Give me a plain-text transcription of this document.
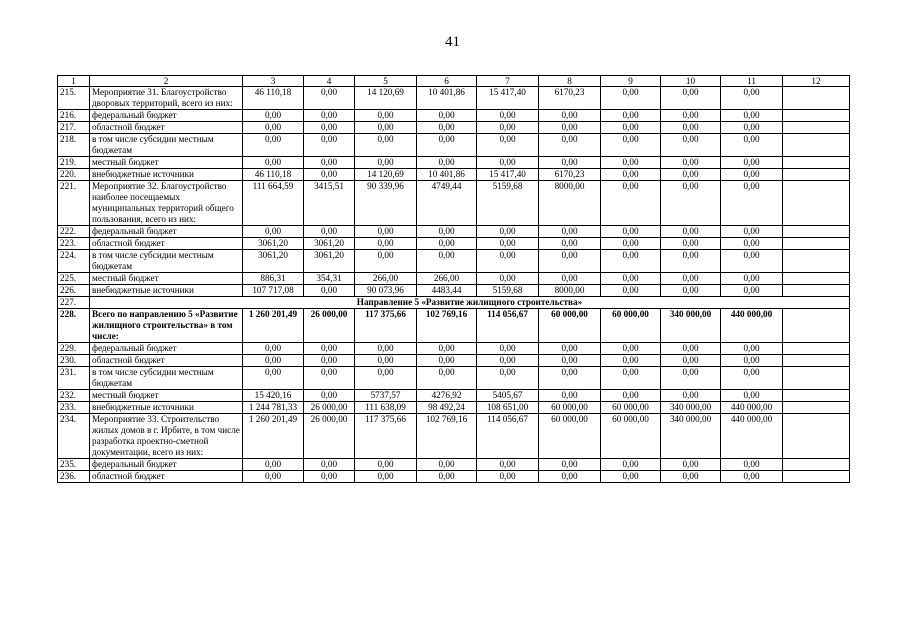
41
1	2	3	4	5	6	7	8	9	10	11	12	
215.	Мероприятие 31. Благоустройство дворовых территорий, всего из них:	46 110,18	0,00	14 120,69	10 401,86	15 417,40	6170,23	0,00	0,00	0,00		
216.	федеральный бюджет	0,00	0,00	0,00	0,00	0,00	0,00	0,00	0,00	0,00		
217.	областной бюджет	0,00	0,00	0,00	0,00	0,00	0,00	0,00	0,00	0,00		
218.	в том числе субсидии местным бюджетам	0,00	0,00	0,00	0,00	0,00	0,00	0,00	0,00	0,00		
219.	местный бюджет	0,00	0,00	0,00	0,00	0,00	0,00	0,00	0,00	0,00		
220.	внебюджетные источники	46 110,18	0,00	14 120,69	10 401,86	15 417,40	6170,23	0,00	0,00	0,00		
221.	Мероприятие 32. Благоустройство наиболее посещаемых муниципальных территорий общего пользования, всего из них:	111 664,59	3415,51	90 339,96	4749,44	5159,68	8000,00	0,00	0,00	0,00		
222.	федеральный бюджет	0,00	0,00	0,00	0,00	0,00	0,00	0,00	0,00	0,00		
223.	областной бюджет	3061,20	3061,20	0,00	0,00	0,00	0,00	0,00	0,00	0,00		
224.	в том числе субсидии местным бюджетам	3061,20	3061,20	0,00	0,00	0,00	0,00	0,00	0,00	0,00		
225.	местный бюджет	886,31	354,31	266,00	266,00	0,00	0,00	0,00	0,00	0,00		
226.	внебюджетные источники	107 717,08	0,00	90 073,96	4483,44	5159,68	8000,00	0,00	0,00	0,00		
227.	Направление 5 «Развитие жилищного строительства»											
228.	Всего по направлению 5 «Развитие жилищного строительства» в том числе:	1 260 201,49	26 000,00	117 375,66	102 769,16	114 056,67	60 000,00	60 000,00	340 000,00	440 000,00		
229.	федеральный бюджет	0,00	0,00	0,00	0,00	0,00	0,00	0,00	0,00	0,00		
230.	областной бюджет	0,00	0,00	0,00	0,00	0,00	0,00	0,00	0,00	0,00		
231.	в том числе субсидии местным бюджетам	0,00	0,00	0,00	0,00	0,00	0,00	0,00	0,00	0,00		
232.	местный бюджет	15 420,16	0,00	5737,57	4276,92	5405,67	0,00	0,00	0,00	0,00		
233.	внебюджетные источники	1 244 781,33	26 000,00	111 638,09	98 492,24	108 651,00	60 000,00	60 000,00	340 000,00	440 000,00		
234.	Мероприятие 33. Строительство жилых домов в г. Ирбите, в том числе разработка проектно-сметной документации, всего из них:	1 260 201,49	26 000,00	117 375,66	102 769,16	114 056,67	60 000,00	60 000,00	340 000,00	440 000,00		
235.	федеральный бюджет	0,00	0,00	0,00	0,00	0,00	0,00	0,00	0,00	0,00		
236.	областной бюджет	0,00	0,00	0,00	0,00	0,00	0,00	0,00	0,00	0,00		
